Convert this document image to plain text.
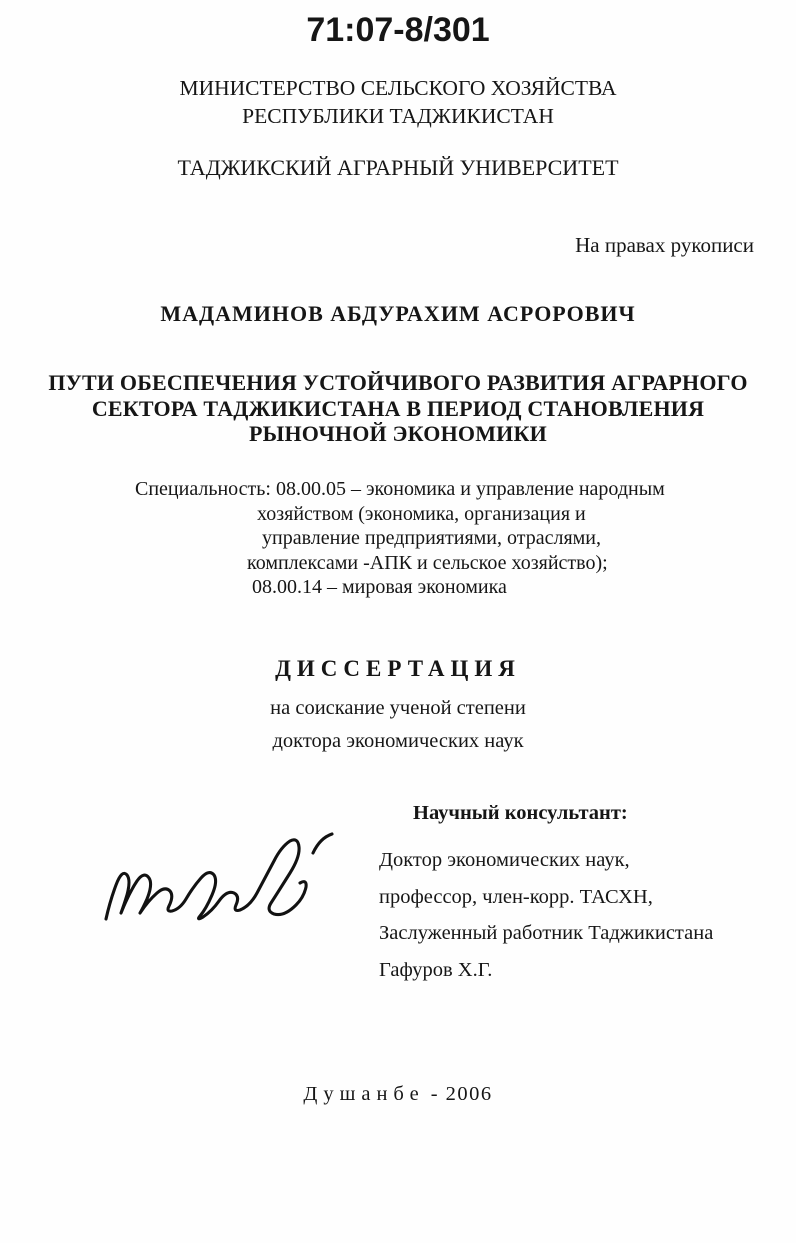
71:07-8/301
МИНИСТЕРСТВО СЕЛЬСКОГО ХОЗЯЙСТВА
РЕСПУБЛИКИ ТАДЖИКИСТАН
ТАДЖИКСКИЙ АГРАРНЫЙ УНИВЕРСИТЕТ
На правах рукописи
МАДАМИНОВ АБДУРАХИМ АСРОРОВИЧ
ПУТИ ОБЕСПЕЧЕНИЯ УСТОЙЧИВОГО РАЗВИТИЯ АГРАРНОГО
СЕКТОРА ТАДЖИКИСТАНА В ПЕРИОД СТАНОВЛЕНИЯ
РЫНОЧНОЙ ЭКОНОМИКИ
Специальность: 08.00.05 – экономика и управление народным
хозяйством (экономика, организация и
управление предприятиями, отраслями,
комплексами -АПК и сельское хозяйство);
08.00.14 – мировая экономика
ДИССЕРТАЦИЯ
на соискание ученой степени
доктора экономических наук
Научный консультант:
Доктор экономических наук,
профессор, член-корр. ТАСХН,
Заслуженный работник Таджикистана
Гафуров Х.Г.
Душанбе - 2006
